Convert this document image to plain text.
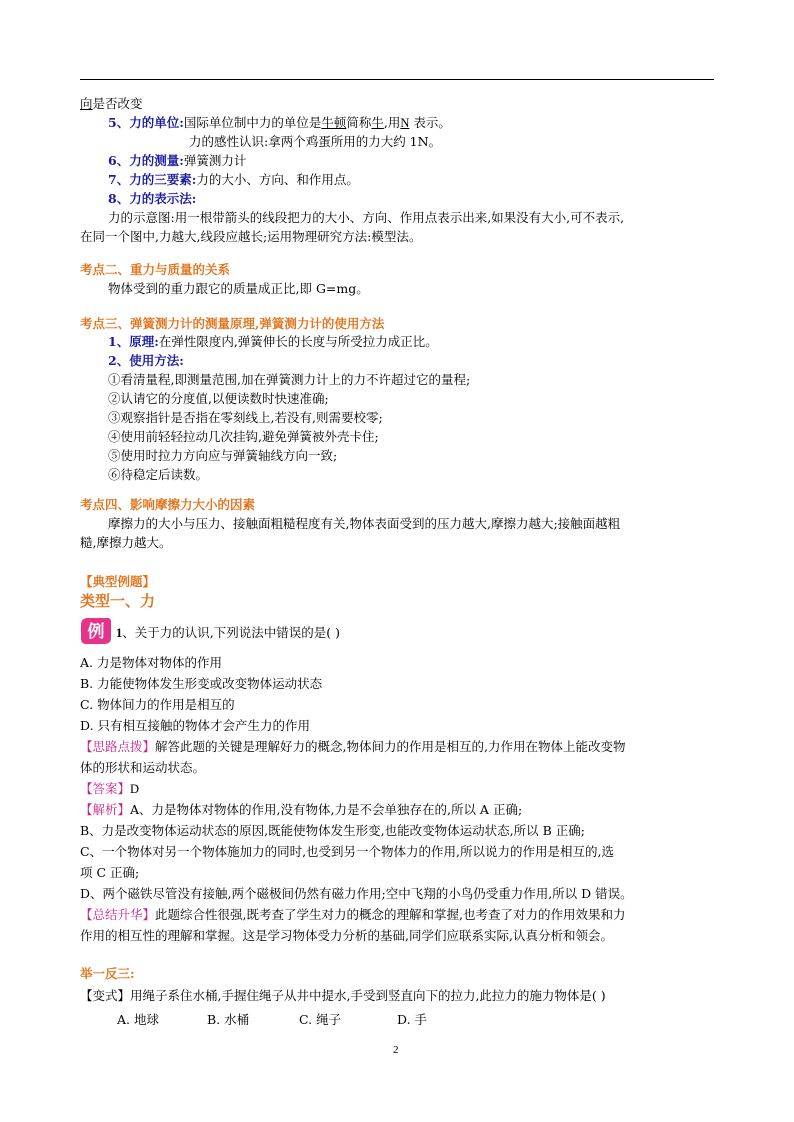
向是否改变
5、力的单位:国际单位制中力的单位是牛顿简称牛,用N 表示。
力的感性认识:拿两个鸡蛋所用的力大约 1N。
6、力的测量:弹簧测力计
7、力的三要素:力的大小、方向、和作用点。
8、力的表示法:
力的示意图:用一根带箭头的线段把力的大小、方向、作用点表示出来,如果没有大小,可不表示,
在同一个图中,力越大,线段应越长;运用物理研究方法:模型法。
考点二、重力与质量的关系
物体受到的重力跟它的质量成正比,即 G=mg。
考点三、弹簧测力计的测量原理,弹簧测力计的使用方法
1、原理:在弹性限度内,弹簧伸长的长度与所受拉力成正比。
2、使用方法:
①看清量程,即测量范围,加在弹簧测力计上的力不许超过它的量程;
②认请它的分度值,以便读数时快速准确;
③观察指针是否指在零刻线上,若没有,则需要校零;
④使用前轻轻拉动几次挂钩,避免弹簧被外壳卡住;
⑤使用时拉力方向应与弹簧轴线方向一致;
⑥待稳定后读数。
考点四、影响摩擦力大小的因素
摩擦力的大小与压力、接触面粗糙程度有关,物体表面受到的压力越大,摩擦力越大;接触面越粗
糙,摩擦力越大。
【典型例题】
类型一、力
例 1、关于力的认识,下列说法中错误的是( )
A. 力是物体对物体的作用
B. 力能使物体发生形变或改变物体运动状态
C. 物体间力的作用是相互的
D. 只有相互接触的物体才会产生力的作用
【思路点拨】解答此题的关键是理解好力的概念,物体间力的作用是相互的,力作用在物体上能改变物
体的形状和运动状态。
【答案】D
【解析】A、力是物体对物体的作用,没有物体,力是不会单独存在的,所以 A 正确;
B、力是改变物体运动状态的原因,既能使物体发生形变,也能改变物体运动状态,所以 B 正确;
C、一个物体对另一个物体施加力的同时,也受到另一个物体力的作用,所以说力的作用是相互的,选
项 C 正确;
D、两个磁铁尽管没有接触,两个磁极间仍然有磁力作用;空中飞翔的小鸟仍受重力作用,所以 D 错误。
【总结升华】此题综合性很强,既考查了学生对力的概念的理解和掌握,也考查了对力的作用效果和力
作用的相互性的理解和掌握。这是学习物体受力分析的基础,同学们应联系实际,认真分析和领会。
举一反三:
【变式】用绳子系住水桶,手握住绳子从井中提水,手受到竖直向下的拉力,此拉力的施力物体是( )
A. 地球	B. 水桶	C. 绳子	D. 手
2
